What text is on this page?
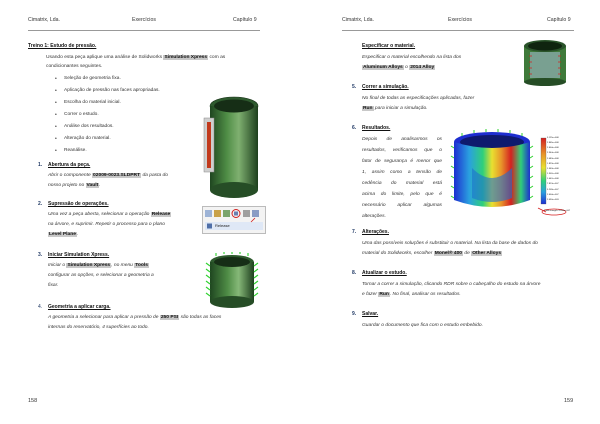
Cimatrix, Lda.	Exercícios	Capítulo 9
Treino 1: Estudo de pressão.
Usando esta peça aplique uma análise de Solidworks Simulation Xpress com as
condicionantes seguintes.
• Seleção de geometria fixa.
• Aplicação de pressão nas faces apropriadas.
• Escolha do material inicial.
• Correr o estudo.
• Análise dos resultados.
• Alteração do material.
• Reanálise.
1. Abertura da peça.
Abrir o componente 02009-0023.SLDPRT da pasta do
nosso projeto no Vault.
2. Supressão de operações.
Uma vez a peça aberta, selecionar a operação Release
na árvore, e suprimir. Repetir o processo para o plano
Level Plane.
Release
3. Iniciar Simulation Xpress.
Iniciar o Simulation Xpress, no menu Tools
configurar as opções, e selecionar a geometria a
fixar.
4. Geometria a aplicar carga.
A geometria a selecionar para aplicar a pressão de 250 PSI são todas as faces
internas do reservatório, 4 superfícies ao todo.
158
Cimatrix, Lda.	Exercícios	Capítulo 9
Especificar o material.
Especificar o material escolhendo na lista dos
Aluminum Alloys o 2014 Alloy
5. Correr a simulação.
No final de todas as especificações aplicadas, fazer
Run para iniciar a simulação.
6. Resultados.
Depois de analisarmos os
resultados, verificamos que o
fator de segurança é menor que
1, assim como a tensão de
cedência do material está
acima do limite, pelo que é
necessário aplicar algumas
alterações.
3.125e+008
2.865e+008
2.604e+008
2.344e+008
2.083e+008
1.823e+008
1.563e+008
1.302e+008
1.042e+008
7.813e+007
5.209e+007
2.604e+007
2.450e+003
Yield strength: 9.650e+007
7. Alterações.
Uma das possíveis soluções é substituir o material. Na lista da base de dados do
material do Solidworks, escolher Monel® 400 de Other Alloys
8. Atualizar o estudo.
Tornar a correr a simulação, clicando RDR sobre o cabeçalho do estudo na árvore
e fazer Run. No final, analisar os resultados.
9. Salvar.
Guardar o documento que fica com o estudo embebido.
159
